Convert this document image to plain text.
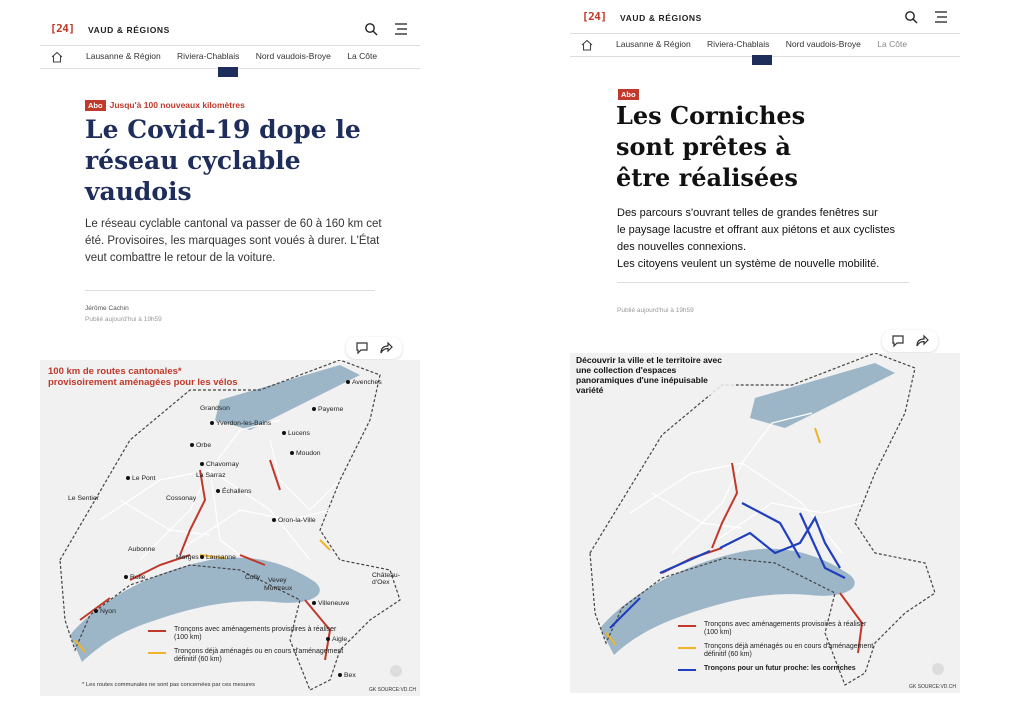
[24] VAUD & RÉGIONS
Lausanne & Région Riviera-Chablais Nord vaudois-Broye La Côte
Abo Jusqu'à 100 nouveaux kilomètres
Le Covid-19 dope le réseau cyclable vaudois

Le réseau cyclable cantonal va passer de 60 à 160 km cet été. Provisoires, les marquages sont voués à durer. L'État veut combattre le retour de la voiture.

Jérôme Cachin
Publié aujourd'hui à 19h59

100 km de routes cantonales* provisoirement aménagées pour les vélos	Avenches
Payerne
Grandson
Yverdon-les-Bains
Orbe
Chavornay
Lucens
Le Pont	La Sarraz
Moudon
Le Sentier	Cossonay
Échallens
Oron-la-Ville
Aubonne
Morges	Lausanne
Cully
Rolle	Vevey
Montreux
Château-d'Oex
Villeneuve
Nyon
Aigle
Bex
Tronçons avec aménagements provisoires à réaliser (100 km)
Tronçons déjà aménagés ou en cours d'aménagement définitif (60 km)
* Les routes communales ne sont pas concernées par ces mesures
GK SOURCE:VD.CH
[24] VAUD & RÉGIONS
Lausanne & Région Riviera-Chablais Nord vaudois-Broye La Côte
Abo
Les Corniches sont prêtes à être réalisées
Des parcours s'ouvrant telles de grandes fenêtres sur
le paysage lacustre et offrant aux piétons et aux cyclistes
des nouvelles connexions.
Les citoyens veulent un système de nouvelle mobilité.
Publié aujourd'hui à 19h59

Découvrir la ville et le territoire avec une collection d'espaces panoramiques d'une inépuisable variété

Tronçons avec aménagements provisoires à réaliser (100 km)
Tronçons déjà aménagés ou en cours d'aménagement définitif (60 km)
Tronçons pour un futur proche: les corniches
GK SOURCE:VD.CH
